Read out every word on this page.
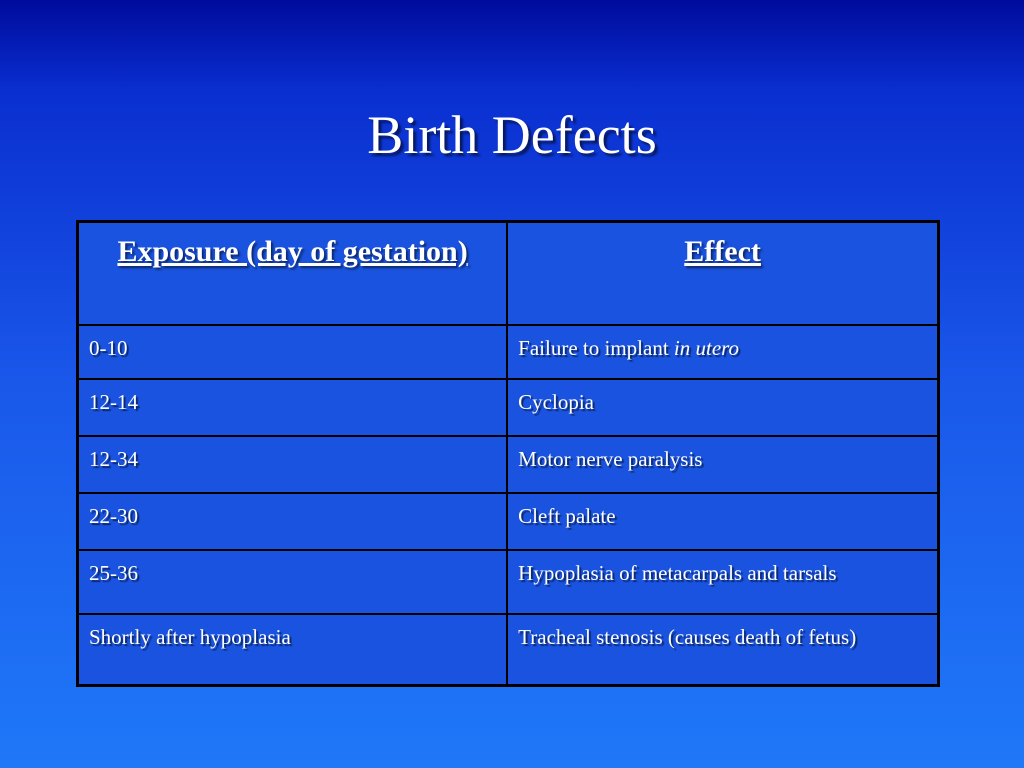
Birth Defects
Exposure (day of gestation)	Effect

0-10	Failure to implant in utero

12-14	Cyclopia

12-34	Motor nerve paralysis

22-30	Cleft palate

25-36	Hypoplasia of metacarpals and tarsals

Shortly after hypoplasia	Tracheal stenosis (causes death of fetus)
